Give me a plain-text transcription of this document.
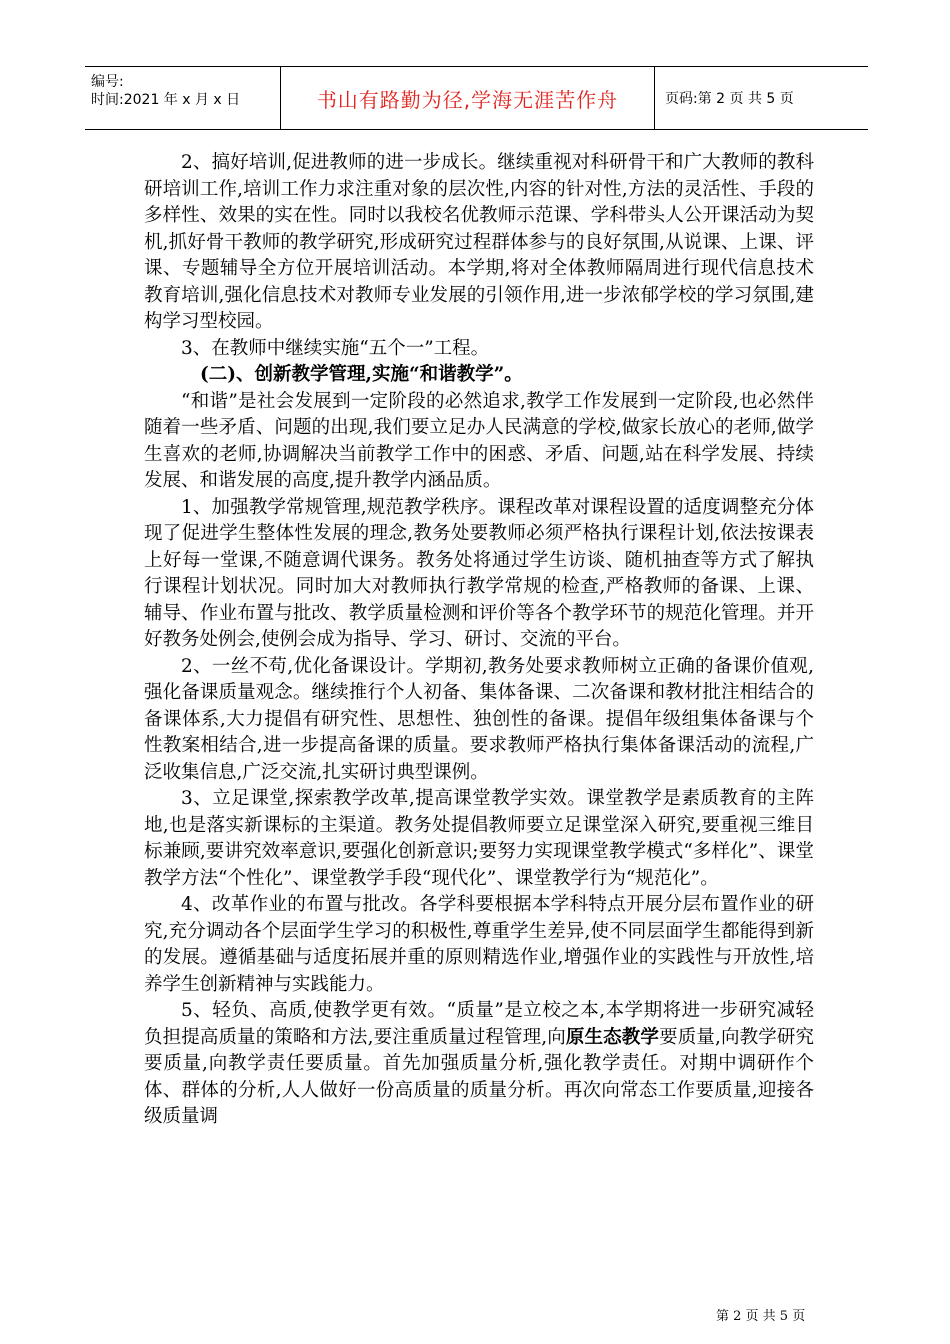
编号:
时间:2021 年 x 月 x 日	书山有路勤为径,学海无涯苦作舟	页码:第 2 页 共 5 页

2、搞好培训,促进教师的进一步成长。继续重视对科研骨干和广大教师的教科研培训工作,培训工作力求注重对象的层次性,内容的针对性,方法的灵活性、手段的多样性、效果的实在性。同时以我校名优教师示范课、学科带头人公开课活动为契机,抓好骨干教师的教学研究,形成研究过程群体参与的良好氛围,从说课、上课、评课、专题辅导全方位开展培训活动。本学期,将对全体教师隔周进行现代信息技术教育培训,强化信息技术对教师专业发展的引领作用,进一步浓郁学校的学习氛围,建构学习型校园。

3、在教师中继续实施“五个一”工程。

(二)、创新教学管理,实施“和谐教学”。

“和谐”是社会发展到一定阶段的必然追求,教学工作发展到一定阶段,也必然伴随着一些矛盾、问题的出现,我们要立足办人民满意的学校,做家长放心的老师,做学生喜欢的老师,协调解决当前教学工作中的困惑、矛盾、问题,站在科学发展、持续发展、和谐发展的高度,提升教学内涵品质。

1、加强教学常规管理,规范教学秩序。课程改革对课程设置的适度调整充分体现了促进学生整体性发展的理念,教务处要教师必须严格执行课程计划,依法按课表上好每一堂课,不随意调代课务。教务处将通过学生访谈、随机抽查等方式了解执行课程计划状况。同时加大对教师执行教学常规的检查,严格教师的备课、上课、辅导、作业布置与批改、教学质量检测和评价等各个教学环节的规范化管理。并开好教务处例会,使例会成为指导、学习、研讨、交流的平台。

2、一丝不苟,优化备课设计。学期初,教务处要求教师树立正确的备课价值观,强化备课质量观念。继续推行个人初备、集体备课、二次备课和教材批注相结合的备课体系,大力提倡有研究性、思想性、独创性的备课。提倡年级组集体备课与个性教案相结合,进一步提高备课的质量。要求教师严格执行集体备课活动的流程,广泛收集信息,广泛交流,扎实研讨典型课例。

3、立足课堂,探索教学改革,提高课堂教学实效。课堂教学是素质教育的主阵地,也是落实新课标的主渠道。教务处提倡教师要立足课堂深入研究,要重视三维目标兼顾,要讲究效率意识,要强化创新意识;要努力实现课堂教学模式“多样化”、课堂教学方法“个性化”、课堂教学手段“现代化”、课堂教学行为“规范化”。

4、改革作业的布置与批改。各学科要根据本学科特点开展分层布置作业的研究,充分调动各个层面学生学习的积极性,尊重学生差异,使不同层面学生都能得到新的发展。遵循基础与适度拓展并重的原则精选作业,增强作业的实践性与开放性,培养学生创新精神与实践能力。

5、轻负、高质,使教学更有效。“质量”是立校之本,本学期将进一步研究减轻负担提高质量的策略和方法,要注重质量过程管理,向原生态教学要质量,向教学研究要质量,向教学责任要质量。首先加强质量分析,强化教学责任。对期中调研作个体、群体的分析,人人做好一份高质量的质量分析。再次向常态工作要质量,迎接各级质量调

第 2 页 共 5 页
